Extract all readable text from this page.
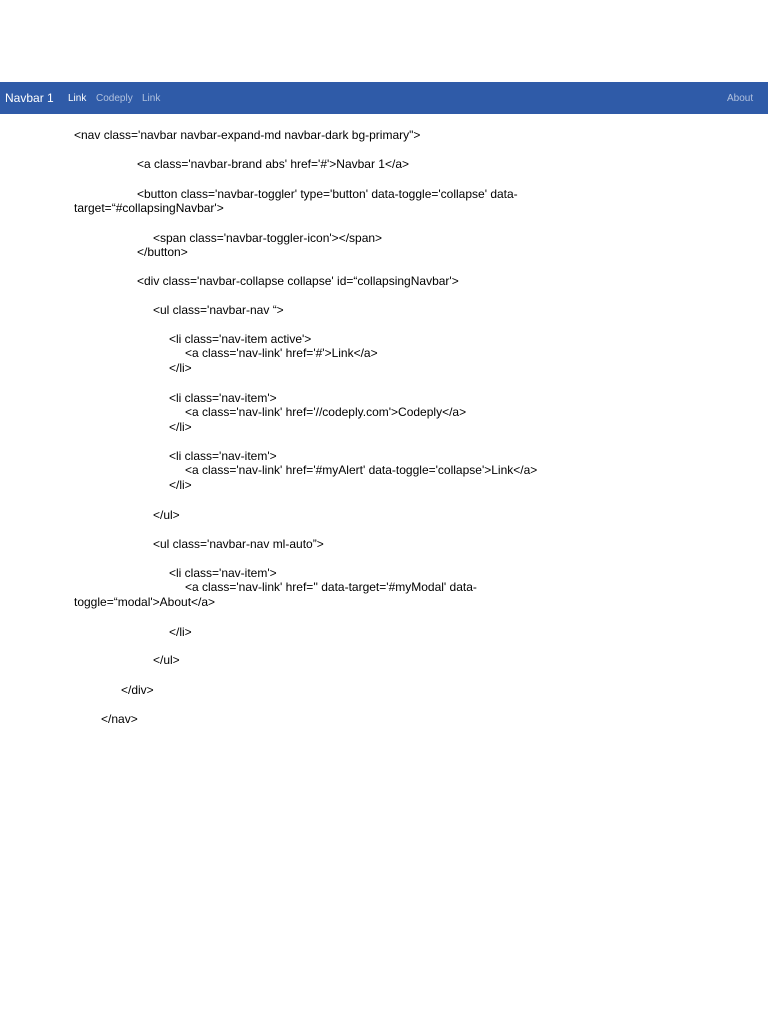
Navbar 1 Link Codeply Link	About
<nav class='navbar navbar-expand-md navbar-dark bg-primary">
<a class='navbar-brand abs' href='#'>Navbar 1</a>
<button class='navbar-toggler' type='button' data-toggle='collapse' data-
target=“#collapsingNavbar'>
<span class='navbar-toggler-icon'></span>
</button>
<div class='navbar-collapse collapse' id=“collapsingNavbar'>
<ul class='navbar-nav “>
<li class='nav-item active'>
<a class='nav-link' href='#'>Link</a>
</li>
<li class='nav-item'>
<a class='nav-link' href='//codeply.com'>Codeply</a>
</li>
<li class='nav-item'>
<a class='nav-link' href='#myAlert' data-toggle='collapse'>Link</a>
</li>
</ul>
<ul class='navbar-nav ml-auto”>
<li class='nav-item'>
<a class='nav-link' href='' data-target='#myModal' data-
toggle=“modal'>About</a>
</li>
</ul>
</div>
</nav>
